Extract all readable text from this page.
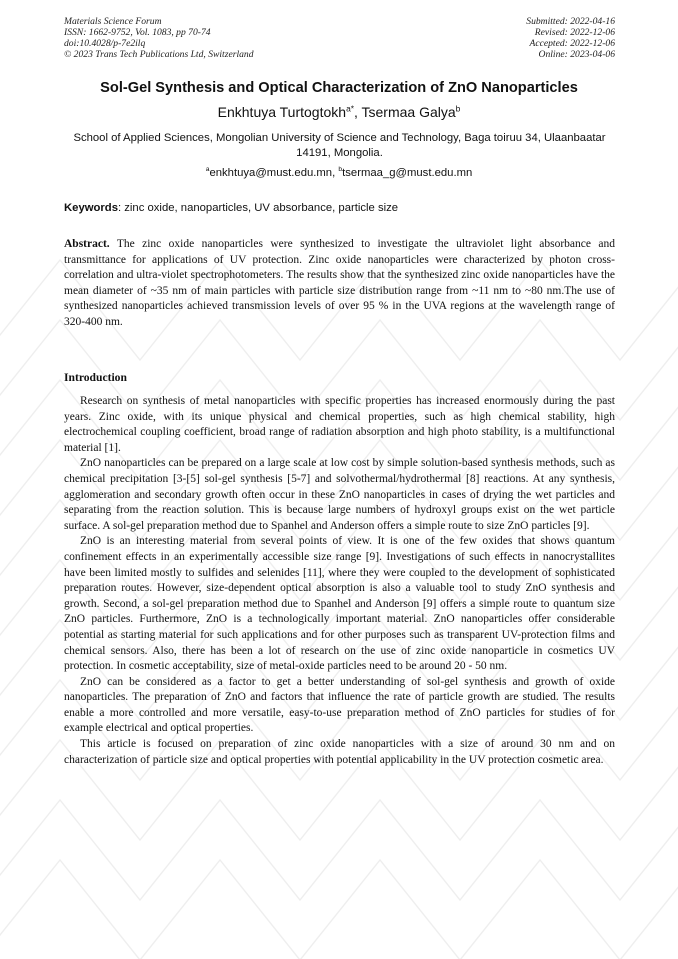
Materials Science Forum
ISSN: 1662-9752, Vol. 1083, pp 70-74
doi:10.4028/p-7e2ilq
© 2023 Trans Tech Publications Ltd, Switzerland
Submitted: 2022-04-16
Revised: 2022-12-06
Accepted: 2022-12-06
Online: 2023-04-06
Sol-Gel Synthesis and Optical Characterization of ZnO Nanoparticles
Enkhtuya Turtogtokh$^{a*}$, Tsermaa Galya$^b$
School of Applied Sciences, Mongolian University of Science and Technology, Baga toiruu 34, Ulaanbaatar 14191, Mongolia.
$^a$enkhtuya@must.edu.mn, $^b$tsermaa_g@must.edu.mn
Keywords: zinc oxide, nanoparticles, UV absorbance, particle size
Abstract. The zinc oxide nanoparticles were synthesized to investigate the ultraviolet light absorbance and transmittance for applications of UV protection. Zinc oxide nanoparticles were characterized by photon cross-correlation and ultra-violet spectrophotometers. The results show that the synthesized zinc oxide nanoparticles have the mean diameter of ~35 nm of main particles with particle size distribution range from ~11 nm to ~80 nm.The use of synthesized nanoparticles achieved transmission levels of over 95 % in the UVA regions at the wavelength range of 320-400 nm.
Introduction

Research on synthesis of metal nanoparticles with specific properties has increased enormously during the past years. Zinc oxide, with its unique physical and chemical properties, such as high chemical stability, high electrochemical coupling coefficient, broad range of radiation absorption and high photo stability, is a multifunctional material [1].

ZnO nanoparticles can be prepared on a large scale at low cost by simple solution-based synthesis methods, such as chemical precipitation [3-[5] sol-gel synthesis [5-7] and solvothermal/hydrothermal [8] reactions. At any synthesis, agglomeration and secondary growth often occur in these ZnO nanoparticles in cases of drying the wet particles and separating from the reaction solution. This is because large numbers of hydroxyl groups exist on the wet particle surface. A sol-gel preparation method due to Spanhel and Anderson offers a simple route to size ZnO particles [9].

ZnO is an interesting material from several points of view. It is one of the few oxides that shows quantum confinement effects in an experimentally accessible size range [9]. Investigations of such effects in nanocrystallites have been limited mostly to sulfides and selenides [11], where they were coupled to the development of sophisticated preparation routes. However, size-dependent optical absorption is also a valuable tool to study ZnO synthesis and growth. Second, a sol-gel preparation method due to Spanhel and Anderson [9] offers a simple route to quantum size ZnO particles. Furthermore, ZnO is a technologically important material. ZnO nanoparticles offer considerable potential as starting material for such applications and for other purposes such as transparent UV-protection films and chemical sensors. Also, there has been a lot of research on the use of zinc oxide nanoparticle in cosmetics UV protection. In cosmetic acceptability, size of metal-oxide particles need to be around 20 - 50 nm.

ZnO can be considered as a factor to get a better understanding of sol-gel synthesis and growth of oxide nanoparticles. The preparation of ZnO and factors that influence the rate of particle growth are studied. The results enable a more controlled and more versatile, easy-to-use preparation method of ZnO particles for studies of for example electrical and optical properties.

This article is focused on preparation of zinc oxide nanoparticles with a size of around 30 nm and on characterization of particle size and optical properties with potential applicability in the UV protection cosmetic area.
